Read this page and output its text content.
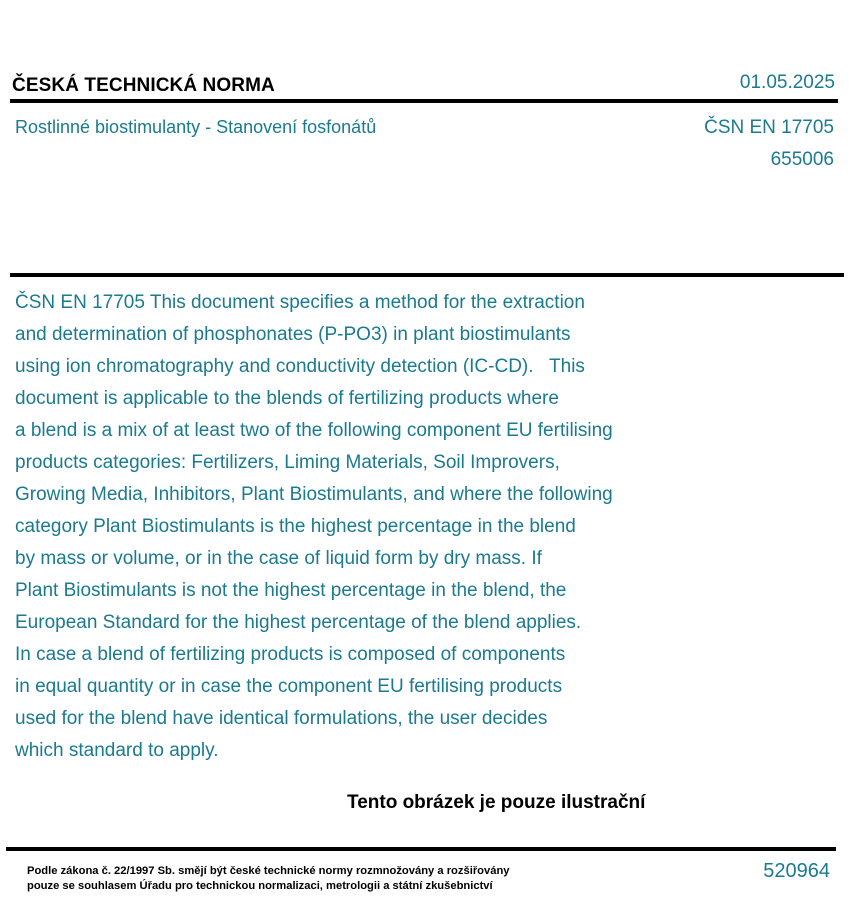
ČESKÁ TECHNICKÁ NORMA	01.05.2025
Rostlinné biostimulanty - Stanovení fosfonátů	ČSN EN 17705
655006
ČSN EN 17705 This document specifies a method for the extraction
and determination of phosphonates (P-PO3) in plant biostimulants
using ion chromatography and conductivity detection (IC-CD).   This
document is applicable to the blends of fertilizing products where
a blend is a mix of at least two of the following component EU fertilising
products categories: Fertilizers, Liming Materials, Soil Improvers,
Growing Media, Inhibitors, Plant Biostimulants, and where the following
category Plant Biostimulants is the highest percentage in the blend
by mass or volume, or in the case of liquid form by dry mass. If
Plant Biostimulants is not the highest percentage in the blend, the
European Standard for the highest percentage of the blend applies.
In case a blend of fertilizing products is composed of components
in equal quantity or in case the component EU fertilising products
used for the blend have identical formulations, the user decides
which standard to apply.
Tento obrázek je pouze ilustrační
Podle zákona č. 22/1997 Sb. smějí být české technické normy rozmnožovány a rozšiřovány
pouze se souhlasem Úřadu pro technickou normalizaci, metrologii a státní zkušebnictví
520964
